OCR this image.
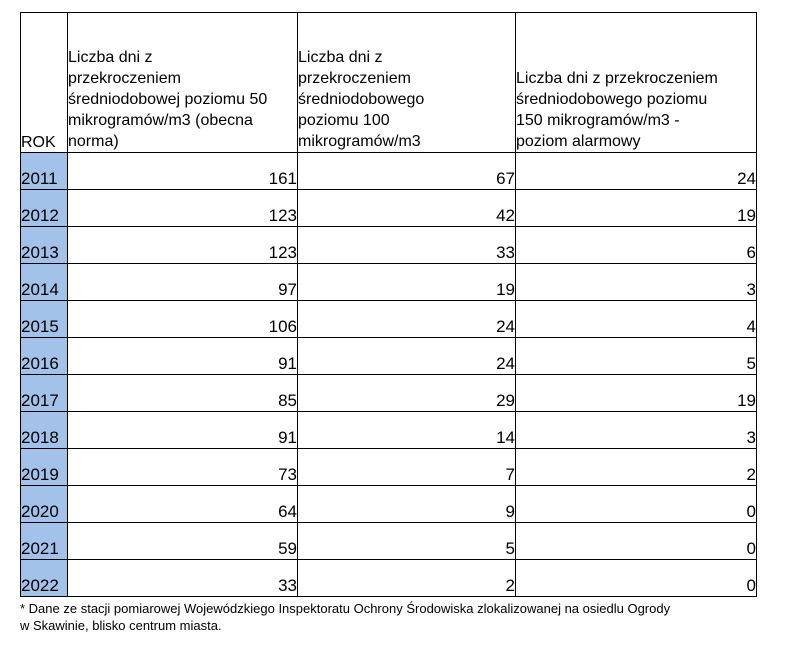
ROK	Liczba dni z
przekroczeniem
średniodobowej poziomu 50
mikrogramów/m3 (obecna
norma)	Liczba dni z
przekroczeniem
średniodobowego
poziomu 100
mikrogramów/m3	Liczba dni z przekroczeniem
średniodobowego poziomu
150 mikrogramów/m3 -
poziom alarmowy
2011	161	67	24
2012	123	42	19
2013	123	33	6
2014	97	19	3
2015	106	24	4
2016	91	24	5
2017	85	29	19
2018	91	14	3
2019	73	7	2
2020	64	9	0
2021	59	5	0
2022	33	2	0
* Dane ze stacji pomiarowej Wojewódzkiego Inspektoratu Ochrony Środowiska zlokalizowanej na osiedlu Ogrody
w Skawinie, blisko centrum miasta.
